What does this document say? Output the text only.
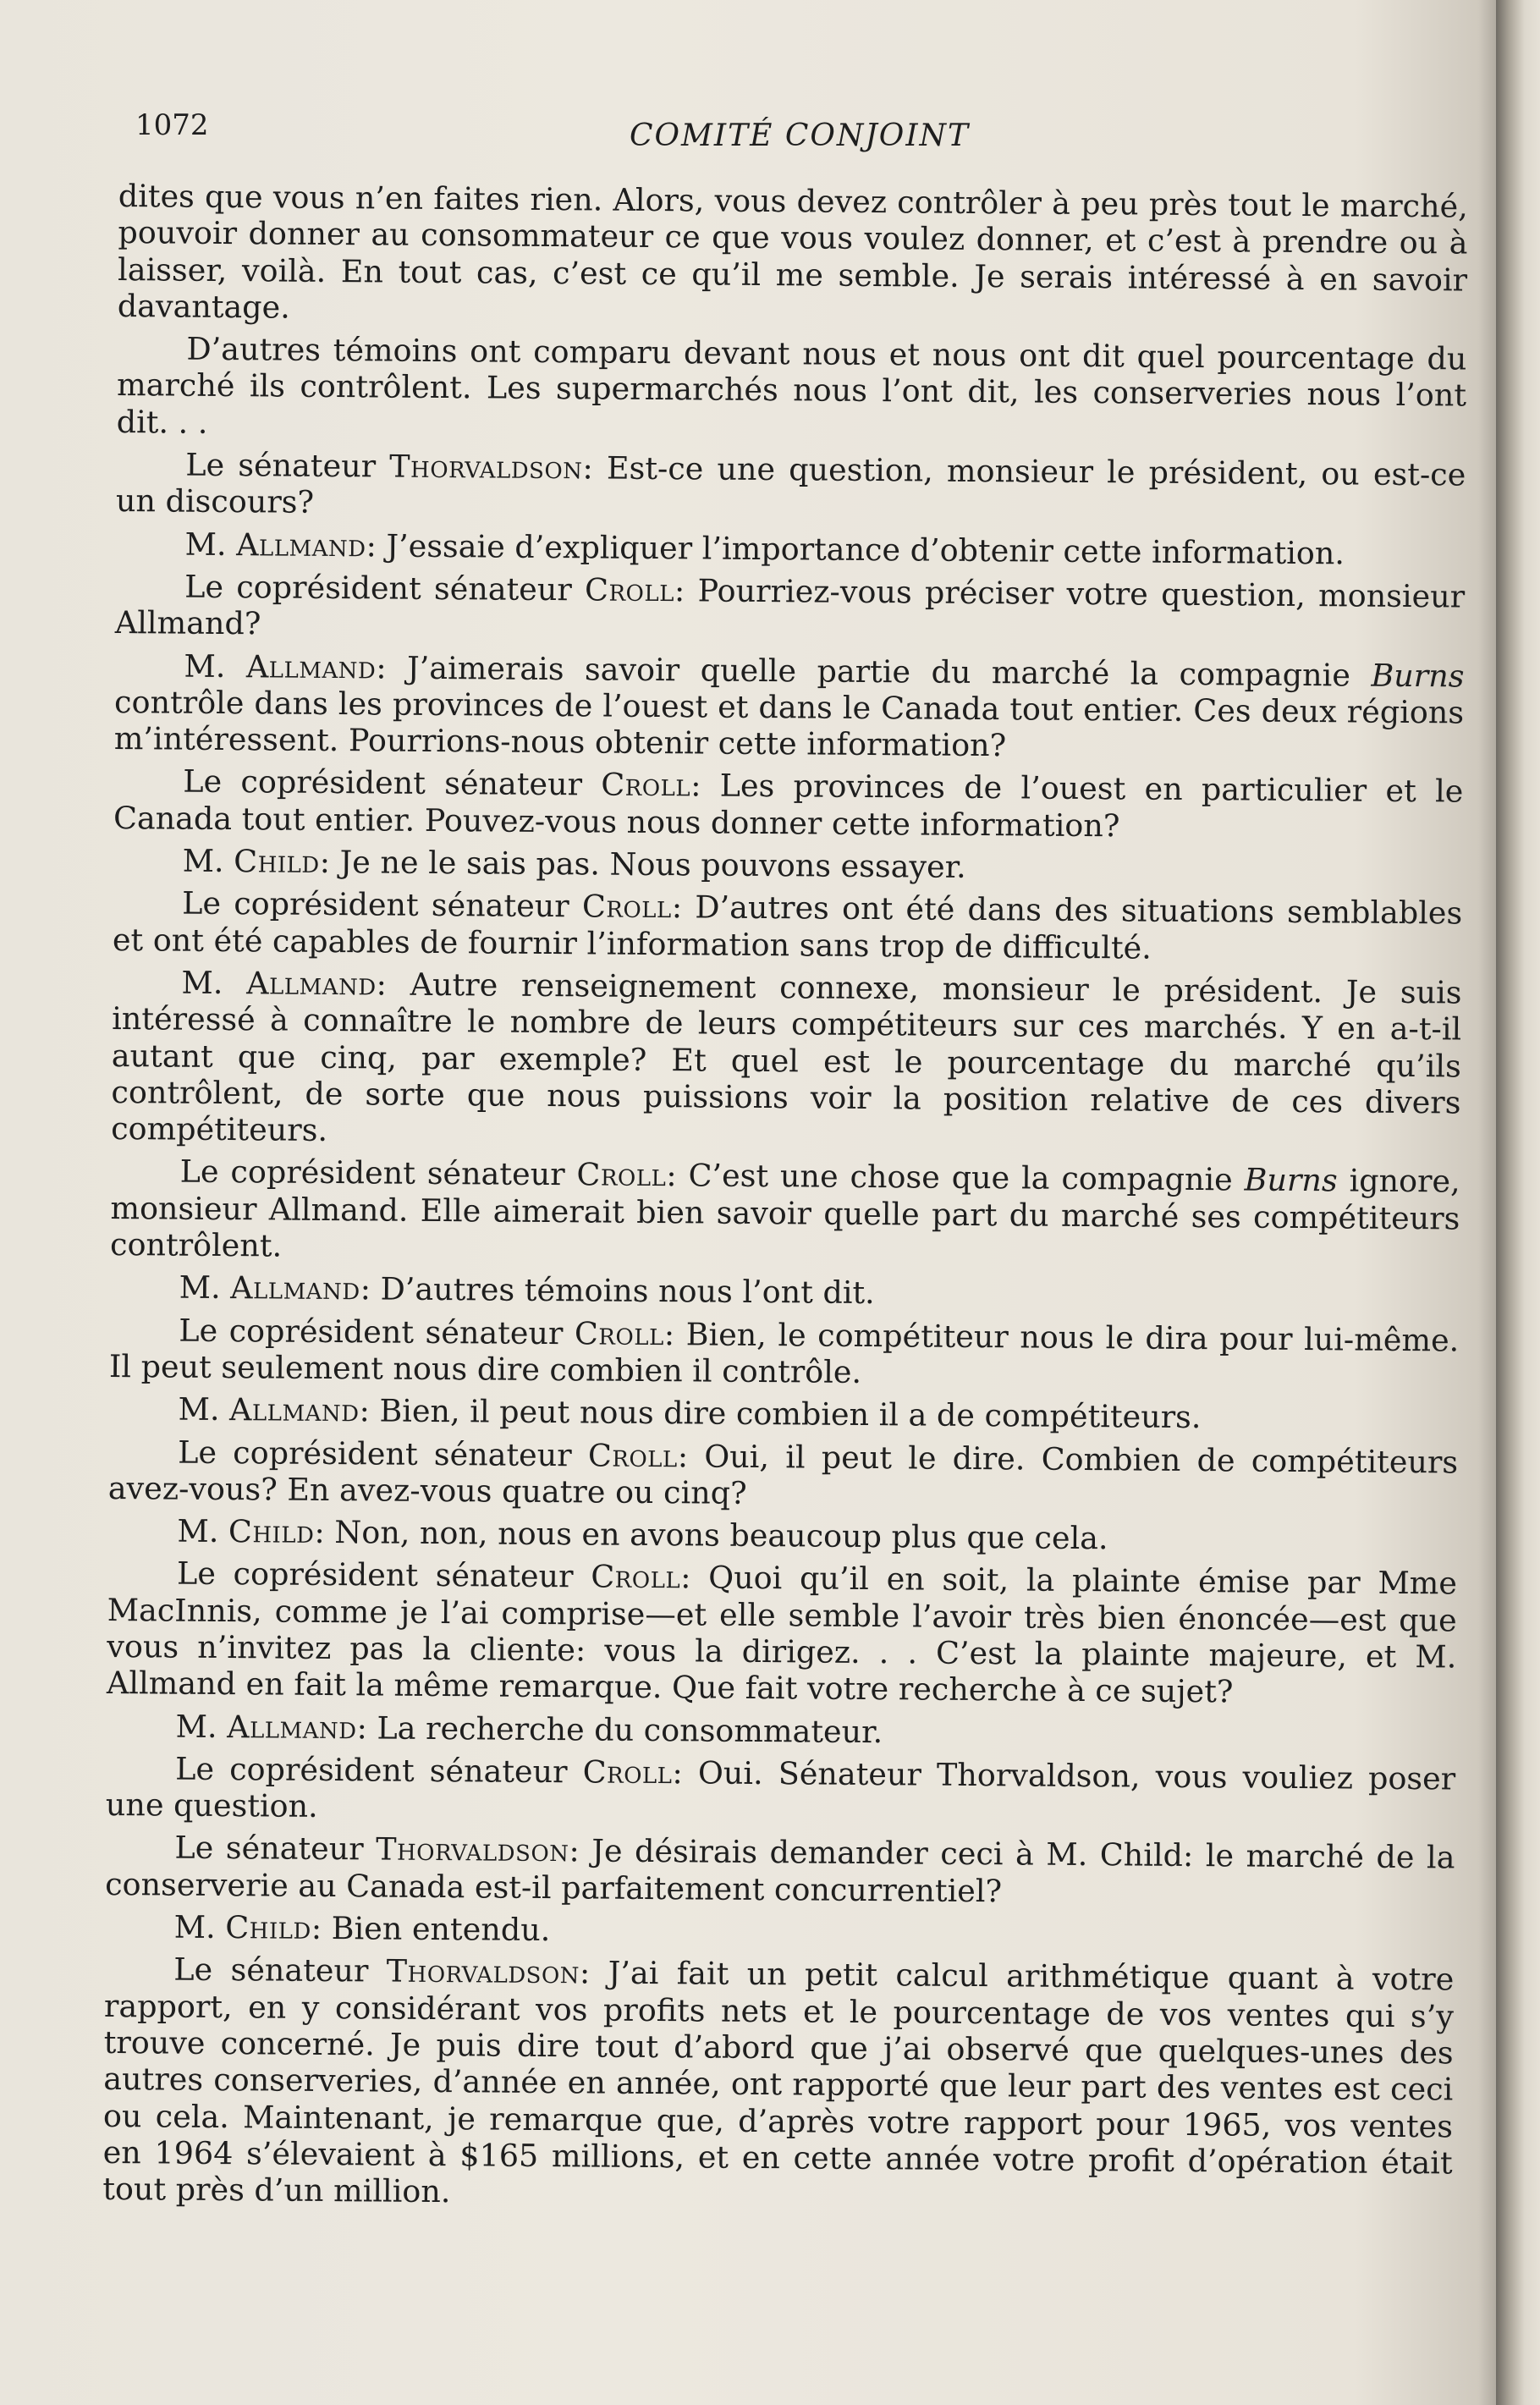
1072	COMITÉ CONJOINT

dites que vous n’en faites rien. Alors, vous devez contrôler à peu près tout le marché, pouvoir donner au consommateur ce que vous voulez donner, et c’est à prendre ou à laisser, voilà. En tout cas, c’est ce qu’il me semble. Je serais intéressé à en savoir davantage.

D’autres témoins ont comparu devant nous et nous ont dit quel pourcentage du marché ils contrôlent. Les supermarchés nous l’ont dit, les conserveries nous l’ont dit. . .

Le sénateur Thorvaldson: Est-ce une question, monsieur le président, ou est-ce un discours?

M. Allmand: J’essaie d’expliquer l’importance d’obtenir cette information.

Le coprésident sénateur Croll: Pourriez-vous préciser votre question, monsieur Allmand?

M. Allmand: J’aimerais savoir quelle partie du marché la compagnie Burns contrôle dans les provinces de l’ouest et dans le Canada tout entier. Ces deux régions m’intéressent. Pourrions-nous obtenir cette information?

Le coprésident sénateur Croll: Les provinces de l’ouest en particulier et le Canada tout entier. Pouvez-vous nous donner cette information?

M. Child: Je ne le sais pas. Nous pouvons essayer.

Le coprésident sénateur Croll: D’autres ont été dans des situations semblables et ont été capables de fournir l’information sans trop de difficulté.

M. Allmand: Autre renseignement connexe, monsieur le président. Je suis intéressé à connaître le nombre de leurs compétiteurs sur ces marchés. Y en a-t-il autant que cinq, par exemple? Et quel est le pourcentage du marché qu’ils contrôlent, de sorte que nous puissions voir la position relative de ces divers compétiteurs.

Le coprésident sénateur Croll: C’est une chose que la compagnie Burns ignore, monsieur Allmand. Elle aimerait bien savoir quelle part du marché ses compétiteurs contrôlent.

M. Allmand: D’autres témoins nous l’ont dit.

Le coprésident sénateur Croll: Bien, le compétiteur nous le dira pour lui-même. Il peut seulement nous dire combien il contrôle.

M. Allmand: Bien, il peut nous dire combien il a de compétiteurs.

Le coprésident sénateur Croll: Oui, il peut le dire. Combien de compétiteurs avez-vous? En avez-vous quatre ou cinq?

M. Child: Non, non, nous en avons beaucoup plus que cela.

Le coprésident sénateur Croll: Quoi qu’il en soit, la plainte émise par Mme MacInnis, comme je l’ai comprise—et elle semble l’avoir très bien énoncée—est que vous n’invitez pas la cliente: vous la dirigez. . . C’est la plainte majeure, et M. Allmand en fait la même remarque. Que fait votre recherche à ce sujet?

M. Allmand: La recherche du consommateur.

Le coprésident sénateur Croll: Oui. Sénateur Thorvaldson, vous vouliez poser une question.

Le sénateur Thorvaldson: Je désirais demander ceci à M. Child: le marché de la conserverie au Canada est-il parfaitement concurrentiel?

M. Child: Bien entendu.

Le sénateur Thorvaldson: J’ai fait un petit calcul arithmétique quant à votre rapport, en y considérant vos profits nets et le pourcentage de vos ventes qui s’y trouve concerné. Je puis dire tout d’abord que j’ai observé que quelques-unes des autres conserveries, d’année en année, ont rapporté que leur part des ventes est ceci ou cela. Maintenant, je remarque que, d’après votre rapport pour 1965, vos ventes en 1964 s’élevaient à $165 millions, et en cette année votre profit d’opération était tout près d’un million.
